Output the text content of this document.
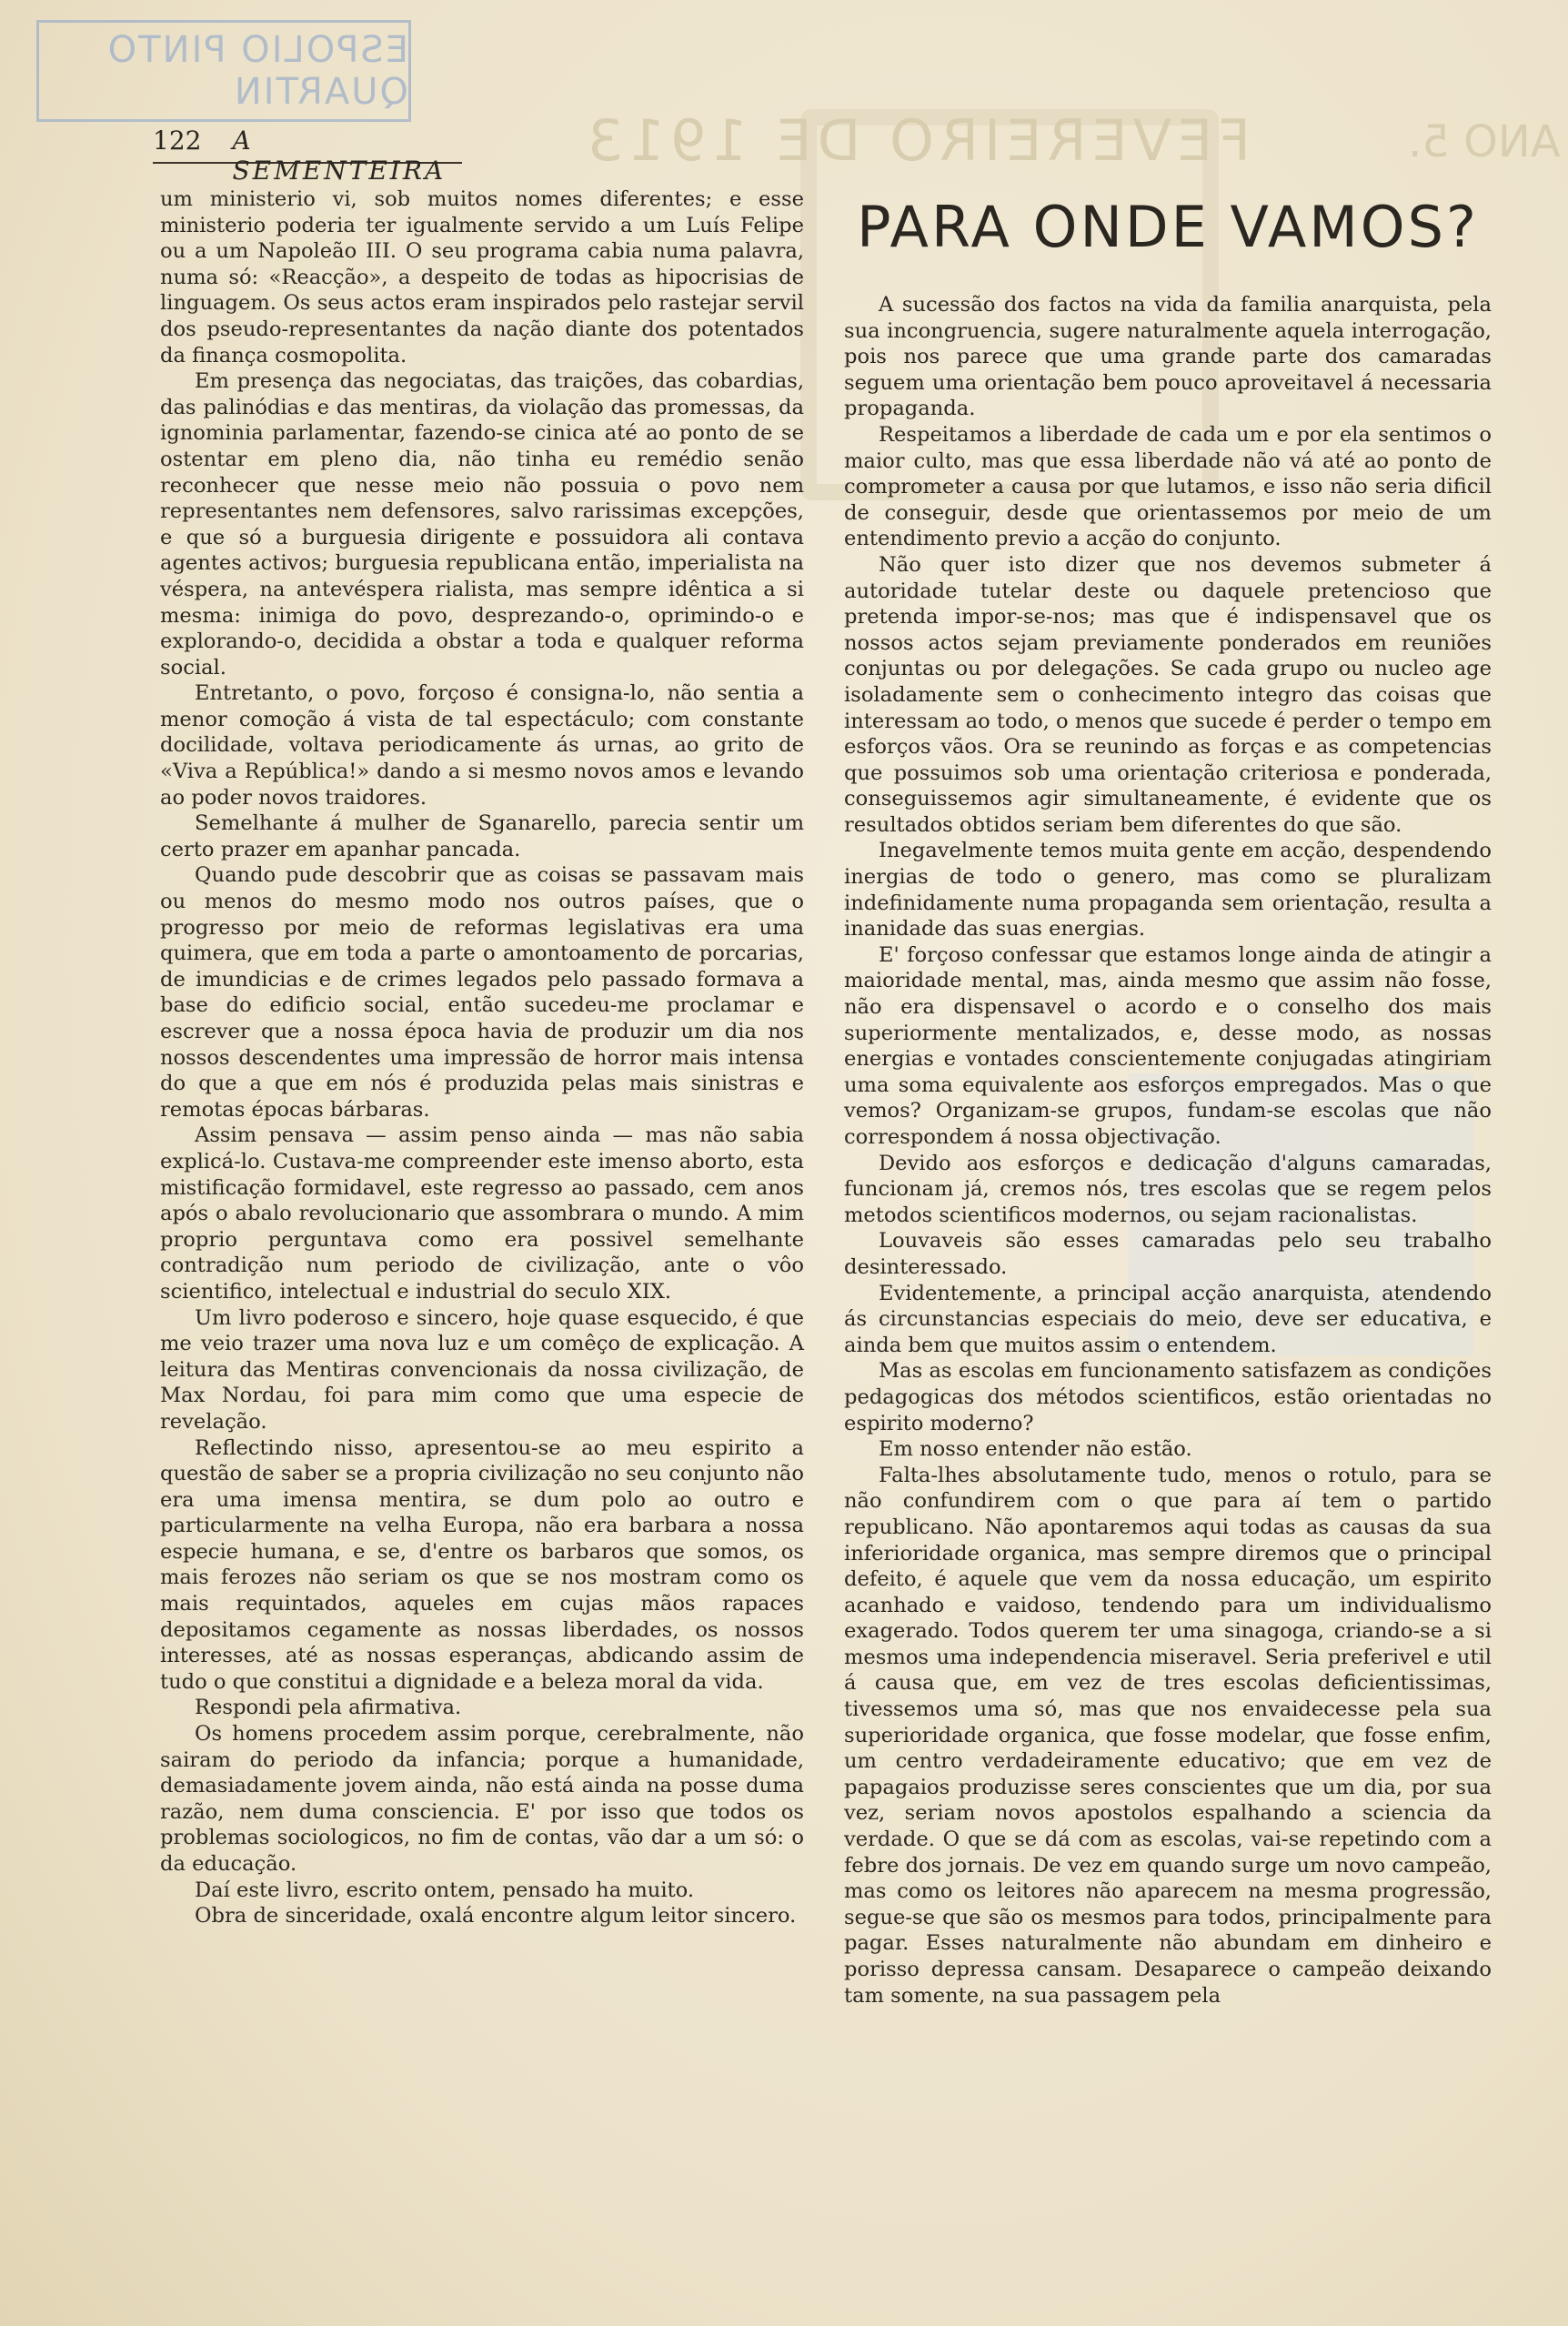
FEVEREIRO DE 1913	ANO 5.
ESPOLIO PINTO QUARTIN
122 A SEMENTEIRA

um ministerio vi, sob muitos nomes diferentes; e esse ministerio poderia ter igualmente servido a um Luís Felipe ou a um Napoleão III. O seu programa cabia numa palavra, numa só: «Reacção», a despeito de todas as hipocrisias de linguagem. Os seus actos eram inspirados pelo rastejar servil dos pseudo-representantes da nação diante dos potentados da finança cosmopolita.

Em presença das negociatas, das traições, das cobardias, das palinódias e das mentiras, da violação das promessas, da ignominia parlamentar, fazendo-se cinica até ao ponto de se ostentar em pleno dia, não tinha eu remédio senão reconhecer que nesse meio não possuia o povo nem representantes nem defensores, salvo rarissimas excepções, e que só a burguesia dirigente e possuidora ali contava agentes activos; burguesia republicana então, imperialista na véspera, na antevéspera rialista, mas sempre idêntica a si mesma: inimiga do povo, desprezando-o, oprimindo-o e explorando-o, decidida a obstar a toda e qualquer reforma social.

Entretanto, o povo, forçoso é consigna-lo, não sentia a menor comoção á vista de tal espectáculo; com constante docilidade, voltava periodicamente ás urnas, ao grito de «Viva a República!» dando a si mesmo novos amos e levando ao poder novos traidores.

Semelhante á mulher de Sganarello, parecia sentir um certo prazer em apanhar pancada.

Quando pude descobrir que as coisas se passavam mais ou menos do mesmo modo nos outros países, que o progresso por meio de reformas legislativas era uma quimera, que em toda a parte o amontoamento de porcarias, de imundicias e de crimes legados pelo passado formava a base do edificio social, então sucedeu-me proclamar e escrever que a nossa época havia de produzir um dia nos nossos descendentes uma impressão de horror mais intensa do que a que em nós é produzida pelas mais sinistras e remotas épocas bárbaras.

Assim pensava — assim penso ainda — mas não sabia explicá-lo. Custava-me compreender este imenso aborto, esta mistificação formidavel, este regresso ao passado, cem anos após o abalo revolucionario que assombrara o mundo. A mim proprio perguntava como era possivel semelhante contradição num periodo de civilização, ante o vôo scientifico, intelectual e industrial do seculo XIX.

Um livro poderoso e sincero, hoje quase esquecido, é que me veio trazer uma nova luz e um comêço de explicação. A leitura das Mentiras convencionais da nossa civilização, de Max Nordau, foi para mim como que uma especie de revelação.

Reflectindo nisso, apresentou-se ao meu espirito a questão de saber se a propria civilização no seu conjunto não era uma imensa mentira, se dum polo ao outro e particularmente na velha Europa, não era barbara a nossa especie humana, e se, d'entre os barbaros que somos, os mais ferozes não seriam os que se nos mostram como os mais requintados, aqueles em cujas mãos rapaces depositamos cegamente as nossas liberdades, os nossos interesses, até as nossas esperanças, abdicando assim de tudo o que constitui a dignidade e a beleza moral da vida.

Respondi pela afirmativa.

Os homens procedem assim porque, cerebralmente, não sairam do periodo da infancia; porque a humanidade, demasiadamente jovem ainda, não está ainda na posse duma razão, nem duma consciencia. E' por isso que todos os problemas sociologicos, no fim de contas, vão dar a um só: o da educação.

Daí este livro, escrito ontem, pensado ha muito.

Obra de sinceridade, oxalá encontre algum leitor sincero.

PARA ONDE VAMOS?

A sucessão dos factos na vida da familia anarquista, pela sua incongruencia, sugere naturalmente aquela interrogação, pois nos parece que uma grande parte dos camaradas seguem uma orientação bem pouco aproveitavel á necessaria propaganda.

Respeitamos a liberdade de cada um e por ela sentimos o maior culto, mas que essa liberdade não vá até ao ponto de comprometer a causa por que lutamos, e isso não seria dificil de conseguir, desde que orientassemos por meio de um entendimento previo a acção do conjunto.

Não quer isto dizer que nos devemos submeter á autoridade tutelar deste ou daquele pretencioso que pretenda impor-se-nos; mas que é indispensavel que os nossos actos sejam previamente ponderados em reuniões conjuntas ou por delegações. Se cada grupo ou nucleo age isoladamente sem o conhecimento integro das coisas que interessam ao todo, o menos que sucede é perder o tempo em esforços vãos. Ora se reunindo as forças e as competencias que possuimos sob uma orientação criteriosa e ponderada, conseguissemos agir simultaneamente, é evidente que os resultados obtidos seriam bem diferentes do que são.

Inegavelmente temos muita gente em acção, despendendo inergias de todo o genero, mas como se pluralizam indefinidamente numa propaganda sem orientação, resulta a inanidade das suas energias.

E' forçoso confessar que estamos longe ainda de atingir a maioridade mental, mas, ainda mesmo que assim não fosse, não era dispensavel o acordo e o conselho dos mais superiormente mentalizados, e, desse modo, as nossas energias e vontades conscientemente conjugadas atingiriam uma soma equivalente aos esforços empregados. Mas o que vemos? Organizam-se grupos, fundam-se escolas que não correspondem á nossa objectivação.

Devido aos esforços e dedicação d'alguns camaradas, funcionam já, cremos nós, tres escolas que se regem pelos metodos scientificos modernos, ou sejam racionalistas.

Louvaveis são esses camaradas pelo seu trabalho desinteressado.

Evidentemente, a principal acção anarquista, atendendo ás circunstancias especiais do meio, deve ser educativa, e ainda bem que muitos assim o entendem.

Mas as escolas em funcionamento satisfazem as condições pedagogicas dos métodos scientificos, estão orientadas no espirito moderno?

Em nosso entender não estão.

Falta-lhes absolutamente tudo, menos o rotulo, para se não confundirem com o que para aí tem o partido republicano. Não apontaremos aqui todas as causas da sua inferioridade organica, mas sempre diremos que o principal defeito, é aquele que vem da nossa educação, um espirito acanhado e vaidoso, tendendo para um individualismo exagerado. Todos querem ter uma sinagoga, criando-se a si mesmos uma independencia miseravel. Seria preferivel e util á causa que, em vez de tres escolas deficientissimas, tivessemos uma só, mas que nos envaidecesse pela sua superioridade organica, que fosse modelar, que fosse enfim, um centro verdadeiramente educativo; que em vez de papagaios produzisse seres conscientes que um dia, por sua vez, seriam novos apostolos espalhando a sciencia da verdade. O que se dá com as escolas, vai-se repetindo com a febre dos jornais. De vez em quando surge um novo campeão, mas como os leitores não aparecem na mesma progressão, segue-se que são os mesmos para todos, principalmente para pagar. Esses naturalmente não abundam em dinheiro e porisso depressa cansam. Desaparece o campeão deixando tam somente, na sua passagem pela
